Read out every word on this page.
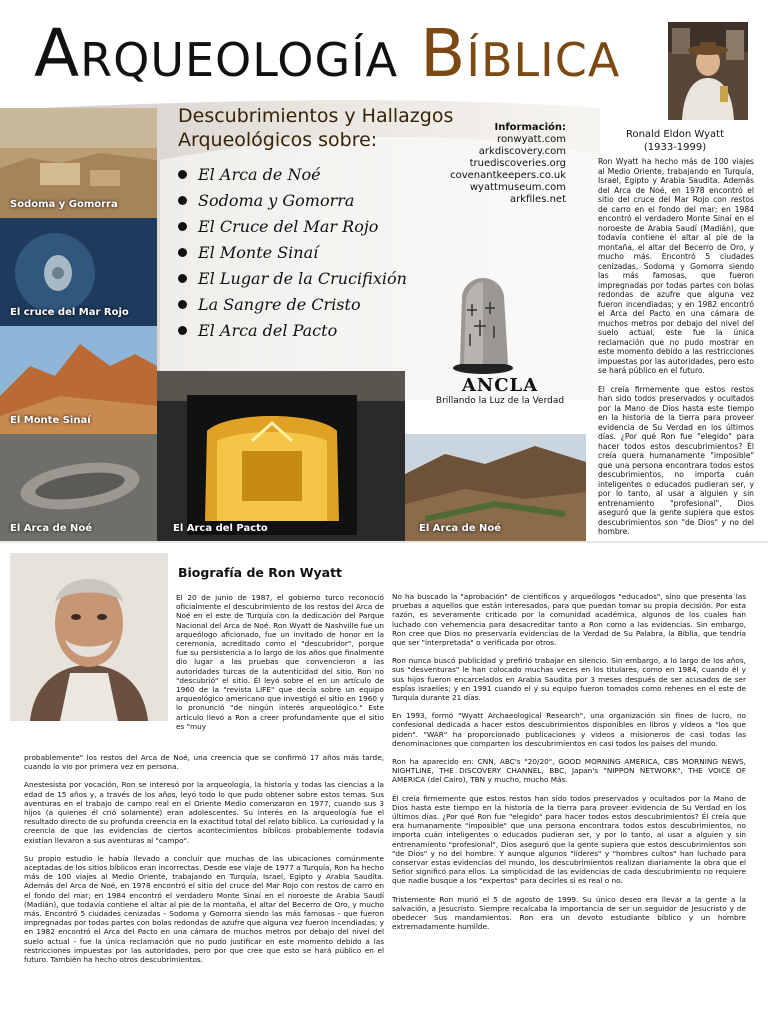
Arqueología Bíblica
Sodoma y Gomorra
El cruce del Mar Rojo
El Monte Sinaí
El Arca de Noé
Descubrimientos y Hallazgos
Arqueológicos sobre:
El Arca de Noé
Sodoma y Gomorra
El Cruce del Mar Rojo
El Monte Sinaí
El Lugar de la Crucifixión
La Sangre de Cristo
El Arca del Pacto
Información:
ronwyatt.com
arkdiscovery.com
truediscoveries.org
covenantkeepers.co.uk
wyattmuseum.com
arkfiles.net
Ronald Eldon Wyatt
(1933-1999)

Ron Wyatt ha hecho más de 100 viajes al Medio Oriente, trabajando en Turquía, Israel, Egipto y Arabia Saudita. Además del Arca de Noé, en 1978 encontró el sitio del cruce del Mar Rojo con restos de carro en el fondo del mar; en 1984 encontró el verdadero Monte Sinaí en el noroeste de Arabia Saudí (Madián), que todavía contiene el altar al pie de la montaña, el altar del Becerro de Oro, y mucho más. Encontró 5 ciudades cenizadas, Sodoma y Gomorra siendo las más famosas, que fueron impregnadas por todas partes con bolas redondas de azufre que alguna vez fueron incendiadas; y en 1982 encontró el Arca del Pacto en una cámara de muchos metros por debajo del nivel del suelo actual, este fue la única reclamación que no pudo mostrar en este momento debido a las restricciones impuestas por las autoridades, pero esto se hará público en el futuro.

El creía firmemente que estos restos han sido todos preservados y ocultados por la Mano de Dios hasta este tiempo en la historia de la tierra para proveer evidencia de Su Verdad en los últimos días. ¿Por qué Ron fue "elegido" para hacer todos estos descubrimientos? Él creía quera humanamente "imposible" que una persona encontrara todos estos descubrimientos, no importa cuán inteligentes o educados pudieran ser, y por lo tanto, al usar a alguien y sin entrenamiento "profesional", Dios aseguró que la gente supiera que estos descubrimientos son "de Dios" y no del hombre.

ANCLA
Brillando la Luz de la Verdad
El Arca del Pacto	El Arca de Noé
Biografía de Ron Wyatt
El 20 de junio de 1987, el gobierno turco reconoció oficialmente el descubrimiento de los restos del Arca de Noé en el este de Turquía con la dedicación del Parque Nacional del Arca de Noé. Ron Wyatt de Nashville fue un arqueólogo aficionado, fue un invitado de honor en la ceremonia, acreditado como el "descubridor", porque fue su persistencia a lo largo de los años que finalmente dio lugar a las pruebas que convencieron a las autoridades turcas de la autenticidad del sitio. Ron no "descubrió" el sitio. Él leyó sobre el en un artículo de 1960 de la "revista LIFE" que decía sobre un equipo arqueológico americano que investigó el sitio en 1960 y lo pronunció "de ningún interés arqueológico." Este artículo llevó a Ron a creer profundamente que el sitio es "muy

probablemente" los restos del Arca de Noé, una creencia que se confirmó 17 años más tarde, cuando lo vio por primera vez en persona.

Anestesista por vocación, Ron se interesó por la arqueología, la historia y todas las ciencias a la edad de 15 años y, a través de los años, leyó todo lo que pudo obtener sobre estos temas. Sus aventuras en el trabajo de campo real en el Oriente Medio comenzaron en 1977, cuando sus 3 hijos (a quienes él crió solamente) eran adolescentes. Su interés en la arqueología fue el resultado directo de su profunda creencia en la exactitud total del relato bíblico. La curiosidad y la creencia de que las evidencias de ciertos acontecimientos bíblicos probablemente todavía existían llevaron a sus aventuras al "campo".

Su propio estudio le había llevado a concluir que muchas de las ubicaciones comúnmente aceptadas de los sitios bíblicos eran incorrectas. Desde ese viaje de 1977 a Turquía, Ron ha hecho más de 100 viajes al Medio Oriente, trabajando en Turquía, Israel, Egipto y Arabia Saudita. Además del Arca de Noé, en 1978 encontró el sitio del cruce del Mar Rojo con restos de carro en el fondo del mar; en 1984 encontró el verdadero Monte Sinaí en el noroeste de Arabia Saudí (Madián), que todavía contiene el altar al pie de la montaña, el altar del Becerro de Oro, y mucho más. Encontró 5 ciudades cenizadas - Sodoma y Gomorra siendo las más famosas - que fueron impregnadas por todas partes con bolas redondas de azufre que alguna vez fueron incendiadas; y en 1982 encontró el Arca del Pacto en una cámara de muchos metros por debajo del nivel del suelo actual - fue la única reclamación que no pudo justificar en este momento debido a las restricciones impuestas por las autoridades, pero por que cree que esto se hará público en el futuro. También ha hecho otros descubrimientos.

No ha buscado la "aprobación" de científicos y arqueólogos "educados", sino que presenta las pruebas a aquellos que están interesados, para que puedan tomar su propia decisión. Por esta razón, es severamente criticado por la comunidad académica, algunos de los cuales han luchado con vehemencia para desacreditar tanto a Ron como a las evidencias. Sin embargo, Ron cree que Dios no preservaría evidencias de la Verdad de Su Palabra, la Biblia, que tendría que ser "interpretada" o verificada por otros.

Ron nunca buscó publicidad y prefirió trabajar en silencio. Sin embargo, a lo largo de los años, sus "desventuras" le han colocado muchas veces en los titulares, como en 1984, cuando él y sus hijos fueron encarcelados en Arabia Saudita por 3 meses después de ser acusados de ser espías israelíes; y en 1991 cuando el y su equipo fueron tomados como rehenes en el este de Turquía durante 21 días.

En 1993, formó "Wyatt Archaeological Research", una organización sin fines de lucro, no confesional dedicada a hacer estos descubrimientos disponibles en libros y videos a "los que piden". "WAR" ha proporcionado publicaciones y videos a misioneros de casi todas las denominaciones que comparten los descubrimientos en casi todos los países del mundo.

Ron ha aparecido en: CNN, ABC's "20/20", GOOD MORNING AMERICA, CBS MORNING NEWS, NIGHTLINE, THE DISCOVERY CHANNEL, BBC, Japan's "NIPPON NETWORK", THE VOICE OF AMERICA (del Cairo), TBN y mucho, mucho Más.

Él creía firmemente que estos restos han sido todos preservados y ocultados por la Mano de Dios hasta este tiempo en la historia de la tierra para proveer evidencia de Su Verdad en los últimos días. ¿Por qué Ron fue "elegido" para hacer todos estos descubrimientos? Él creía que era humanamente "imposible" que una persona encontrara todos estos descubrimientos, no importa cuán inteligentes o educados pudieran ser, y por lo tanto, al usar a alguien y sin entrenamiento "profesional", Dios aseguró que la gente supiera que estos descubrimientos son "de Dios" y no del hombre. Y aunque algunos "líderes" y "hombres cultos" han luchado para conservar estas evidencias del mundo, los descubrimientos realizan diariamente la obra que el Señor significó para ellos. La simplicidad de las evidencias de cada descubrimiento no requiere que nadie busque a los "expertos" para decirles si es real o no.

Tristemente Ron murió el 5 de agosto de 1999. Su único deseo era llevar a la gente a la salvación, a Jesucristo. Siempre recalcaba la importancia de ser un seguidor de Jesucristo y de obedecer Sus mandamientos. Ron era un devoto estudiante bíblico y un hombre extremadamente humilde.
